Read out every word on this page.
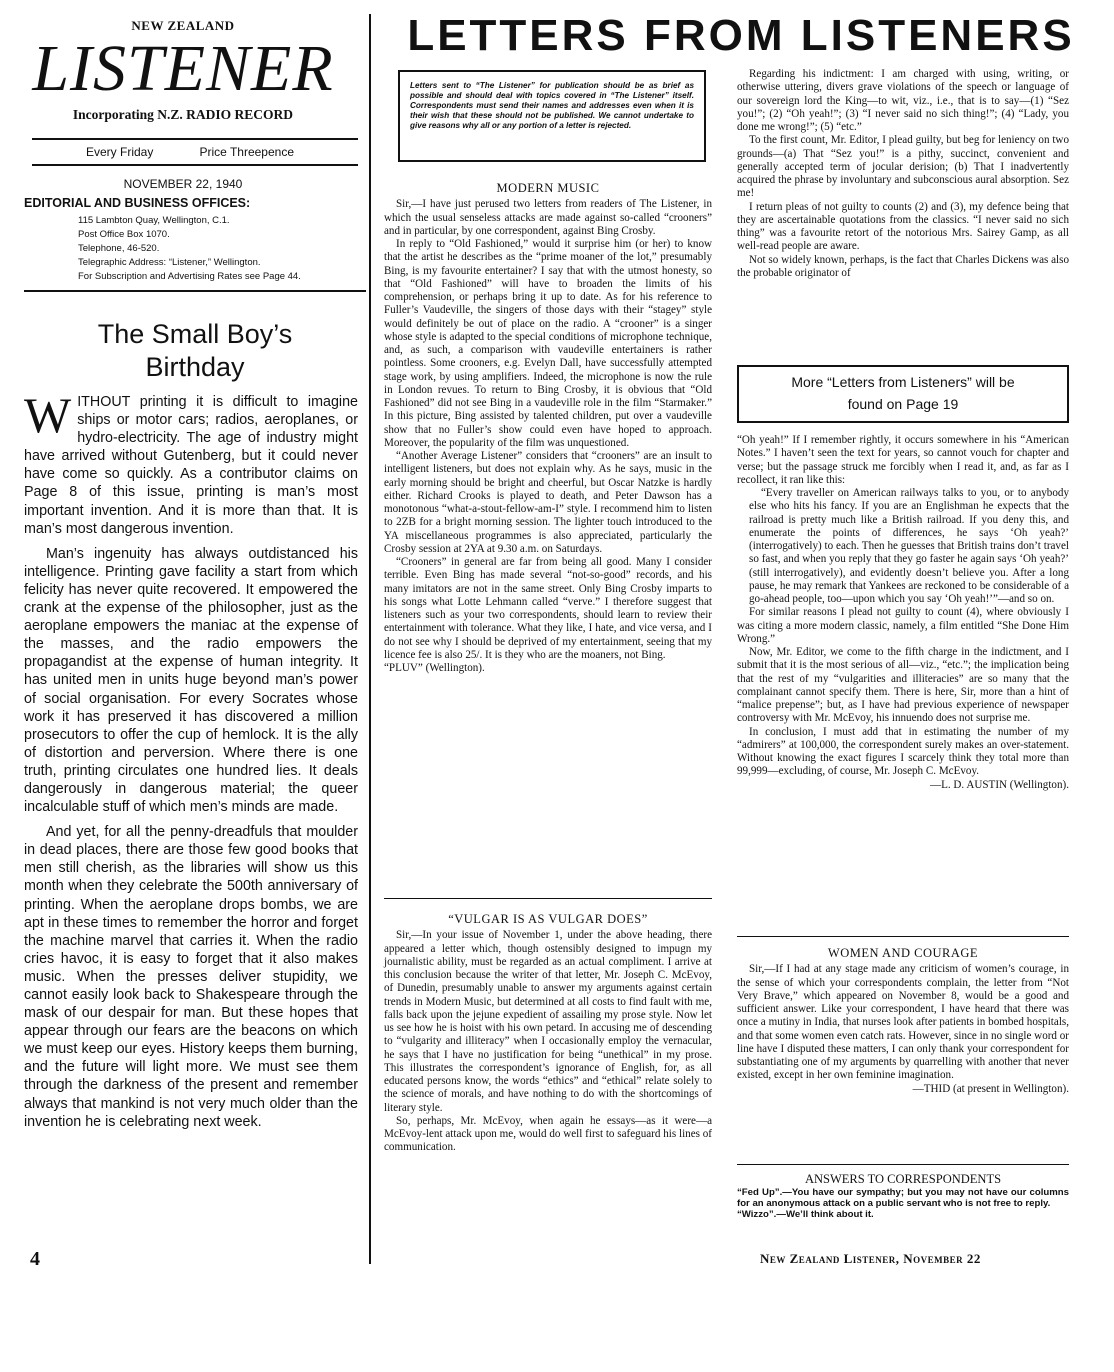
NEW ZEALAND
LISTENER
Incorporating N.Z. RADIO RECORD
Every Friday	Price Threepence
NOVEMBER 22, 1940
EDITORIAL AND BUSINESS OFFICES:
115 Lambton Quay, Wellington, C.1.
Post Office Box 1070.
Telephone, 46-520.
Telegraphic Address: “Listener,” Wellington.
For Subscription and Advertising Rates see Page 44.
The Small Boy’s
Birthday

WITHOUT printing it is difficult to imagine ships or motor cars; radios, aeroplanes, or hydro-electricity. The age of industry might have arrived without Gutenberg, but it could never have come so quickly. As a contributor claims on Page 8 of this issue, printing is man’s most important invention. And it is more than that. It is man’s most dangerous invention.

Man’s ingenuity has always outdistanced his intelligence. Printing gave facility a start from which felicity has never quite recovered. It empowered the crank at the expense of the philosopher, just as the aeroplane empowers the maniac at the expense of the masses, and the radio empowers the propagandist at the expense of human integrity. It has united men in units huge beyond man’s power of social organisation. For every Socrates whose work it has preserved it has discovered a million prosecutors to offer the cup of hemlock. It is the ally of distortion and perversion. Where there is one truth, printing circulates one hundred lies. It deals dangerously in dangerous material; the queer incalculable stuff of which men’s minds are made.

And yet, for all the penny-dreadfuls that moulder in dead places, there are those few good books that men still cherish, as the libraries will show us this month when they celebrate the 500th anniversary of printing. When the aeroplane drops bombs, we are apt in these times to remember the horror and forget the machine marvel that carries it. When the radio cries havoc, it is easy to forget that it also makes music. When the presses deliver stupidity, we cannot easily look back to Shakespeare through the mask of our despair for man. But these hopes that appear through our fears are the beacons on which we must keep our eyes. History keeps them burning, and the future will light more. We must see them through the darkness of the present and remember always that mankind is not very much older than the invention he is celebrating next week.

LETTERS FROM LISTENERS
Letters sent to “The Listener” for publication should be as brief as possible and should deal with topics covered in “The Listener” itself. Correspondents must send their names and addresses even when it is their wish that these should not be published. We cannot undertake to give reasons why all or any portion of a letter is rejected.
MODERN MUSIC

Sir,—I have just perused two letters from readers of The Listener, in which the usual senseless attacks are made against so-called “crooners” and in particular, by one correspondent, against Bing Crosby.

In reply to “Old Fashioned,” would it surprise him (or her) to know that the artist he describes as the “prime moaner of the lot,” presumably Bing, is my favourite entertainer? I say that with the utmost honesty, so that “Old Fashioned” will have to broaden the limits of his comprehension, or perhaps bring it up to date. As for his reference to Fuller’s Vaudeville, the singers of those days with their “stagey” style would definitely be out of place on the radio. A “crooner” is a singer whose style is adapted to the special conditions of microphone technique, and, as such, a comparison with vaudeville entertainers is rather pointless. Some crooners, e.g. Evelyn Dall, have successfully attempted stage work, by using amplifiers. Indeed, the microphone is now the rule in London revues. To return to Bing Crosby, it is obvious that “Old Fashioned” did not see Bing in a vaudeville role in the film “Starmaker.” In this picture, Bing assisted by talented children, put over a vaudeville show that no Fuller’s show could even have hoped to approach. Moreover, the popularity of the film was unquestioned.

“Another Average Listener” considers that “crooners” are an insult to intelligent listeners, but does not explain why. As he says, music in the early morning should be bright and cheerful, but Oscar Natzke is hardly either. Richard Crooks is played to death, and Peter Dawson has a monotonous “what-a-stout-fellow-am-I” style. I recommend him to listen to 2ZB for a bright morning session. The lighter touch introduced to the YA miscellaneous programmes is also appreciated, particularly the Crosby session at 2YA at 9.30 a.m. on Saturdays.

“Crooners” in general are far from being all good. Many I consider terrible. Even Bing has made several “not-so-good” records, and his many imitators are not in the same street. Only Bing Crosby imparts to his songs what Lotte Lehmann called “verve.” I therefore suggest that listeners such as your two correspondents, should learn to review their entertainment with tolerance. What they like, I hate, and vice versa, and I do not see why I should be deprived of my entertainment, seeing that my licence fee is also 25/. It is they who are the moaners, not Bing.

“PLUV” (Wellington).

“VULGAR IS AS VULGAR DOES”

Sir,—In your issue of November 1, under the above heading, there appeared a letter which, though ostensibly designed to impugn my journalistic ability, must be regarded as an actual compliment. I arrive at this conclusion because the writer of that letter, Mr. Joseph C. McEvoy, of Dunedin, presumably unable to answer my arguments against certain trends in Modern Music, but determined at all costs to find fault with me, falls back upon the jejune expedient of assailing my prose style. Now let us see how he is hoist with his own petard. In accusing me of descending to “vulgarity and illiteracy” when I occasionally employ the vernacular, he says that I have no justification for being “unethical” in my prose. This illustrates the correspondent’s ignorance of English, for, as all educated persons know, the words “ethics” and “ethical” relate solely to the science of morals, and have nothing to do with the shortcomings of literary style.

So, perhaps, Mr. McEvoy, when again he essays—as it were—a McEvoy-lent attack upon me, would do well first to safeguard his lines of communication.

Regarding his indictment: I am charged with using, writing, or otherwise uttering, divers grave violations of the speech or language of our sovereign lord the King—to wit, viz., i.e., that is to say—(1) “Sez you!”; (2) “Oh yeah!”; (3) “I never said no sich thing!”; (4) “Lady, you done me wrong!”; (5) “etc.”

To the first count, Mr. Editor, I plead guilty, but beg for leniency on two grounds—(a) That “Sez you!” is a pithy, succinct, convenient and generally accepted term of jocular derision; (b) That I inadvertently acquired the phrase by involuntary and subconscious aural absorption. Sez me!

I return pleas of not guilty to counts (2) and (3), my defence being that they are ascertainable quotations from the classics. “I never said no sich thing” was a favourite retort of the notorious Mrs. Sairey Gamp, as all well-read people are aware.

Not so widely known, perhaps, is the fact that Charles Dickens was also the probable originator of

More “Letters from Listeners” will be
found on Page 19

“Oh yeah!” If I remember rightly, it occurs somewhere in his “American Notes.” I haven’t seen the text for years, so cannot vouch for chapter and verse; but the passage struck me forcibly when I read it, and, as far as I recollect, it ran like this:

“Every traveller on American railways talks to you, or to anybody else who hits his fancy. If you are an Englishman he expects that the railroad is pretty much like a British railroad. If you deny this, and enumerate the points of differences, he says ‘Oh yeah?’ (interrogatively) to each. Then he guesses that British trains don’t travel so fast, and when you reply that they go faster he again says ‘Oh yeah?’ (still interrogatively), and evidently doesn’t believe you. After a long pause, he may remark that Yankees are reckoned to be considerable of a go-ahead people, too—upon which you say ‘Oh yeah!’”—and so on.

For similar reasons I plead not guilty to count (4), where obviously I was citing a more modern classic, namely, a film entitled “She Done Him Wrong.”

Now, Mr. Editor, we come to the fifth charge in the indictment, and I submit that it is the most serious of all—viz., “etc.”; the implication being that the rest of my “vulgarities and illiteracies” are so many that the complainant cannot specify them. There is here, Sir, more than a hint of “malice prepense”; but, as I have had previous experience of newspaper controversy with Mr. McEvoy, his innuendo does not surprise me.

In conclusion, I must add that in estimating the number of my “admirers” at 100,000, the correspondent surely makes an over-statement. Without knowing the exact figures I scarcely think they total more than 99,999—excluding, of course, Mr. Joseph C. McEvoy.

—L. D. AUSTIN (Wellington).

WOMEN AND COURAGE

Sir,—If I had at any stage made any criticism of women’s courage, in the sense of which your correspondents complain, the letter from “Not Very Brave,” which appeared on November 8, would be a good and sufficient answer. Like your correspondent, I have heard that there was once a mutiny in India, that nurses look after patients in bombed hospitals, and that some women even catch rats. However, since in no single word or line have I disputed these matters, I can only thank your correspondent for substantiating one of my arguments by quarrelling with another that never existed, except in her own feminine imagination.

—THID (at present in Wellington).

ANSWERS TO CORRESPONDENTS
“Fed Up”.—You have our sympathy; but you may not have our columns for an anonymous attack on a public servant who is not free to reply.
“Wizzo”.—We’ll think about it.
4	New Zealand Listener, November 22
